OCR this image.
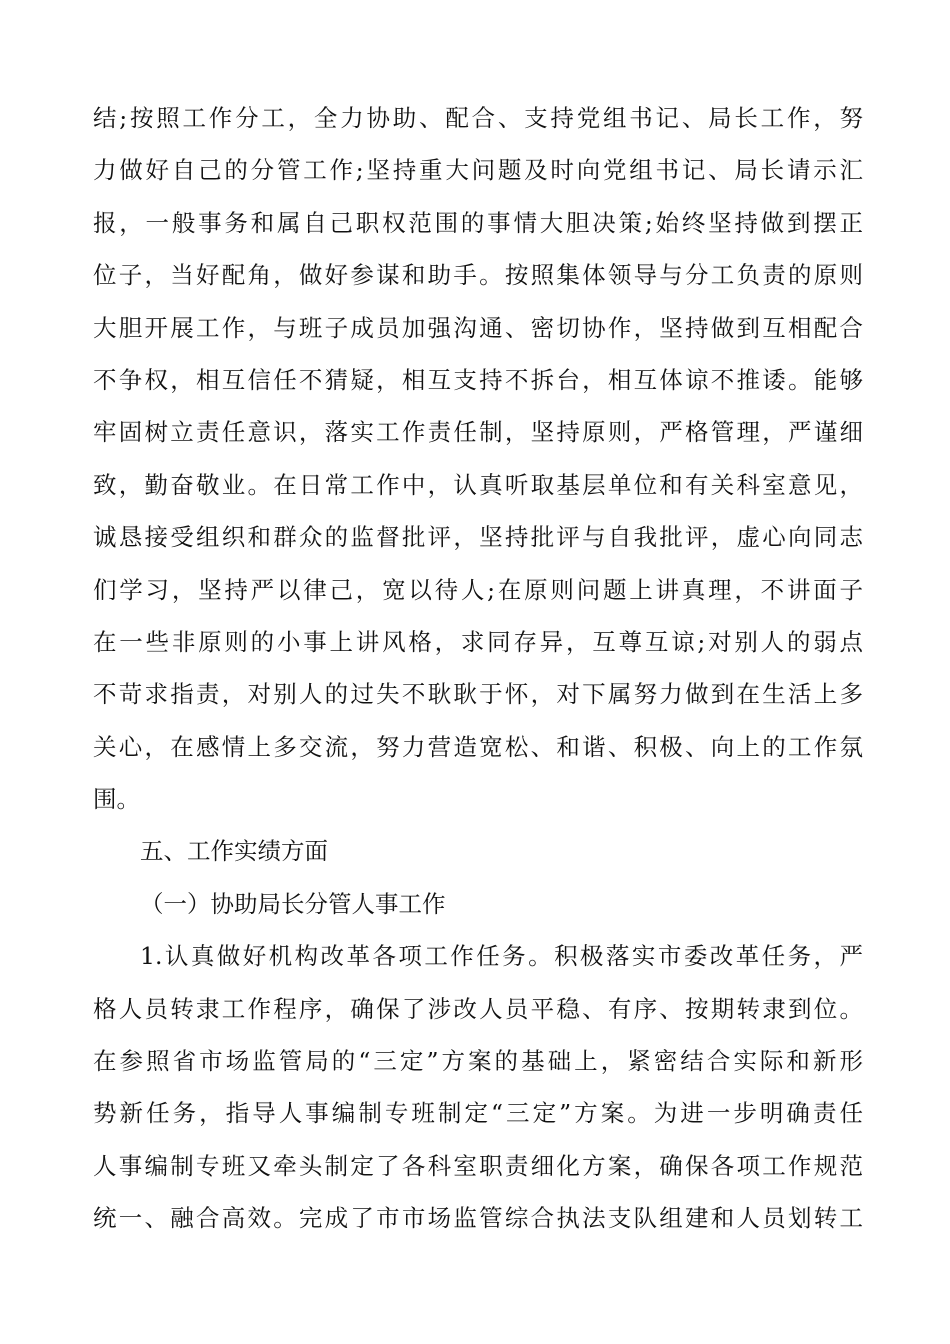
结;按照工作分工，全力协助、配合、支持党组书记、局长工作，努
力做好自己的分管工作;坚持重大问题及时向党组书记、局长请示汇
报，一般事务和属自己职权范围的事情大胆决策;始终坚持做到摆正
位子，当好配角，做好参谋和助手。按照集体领导与分工负责的原则
大胆开展工作，与班子成员加强沟通、密切协作，坚持做到互相配合
不争权，相互信任不猜疑，相互支持不拆台，相互体谅不推诿。能够
牢固树立责任意识，落实工作责任制，坚持原则，严格管理，严谨细
致，勤奋敬业。在日常工作中，认真听取基层单位和有关科室意见，
诚恳接受组织和群众的监督批评，坚持批评与自我批评，虚心向同志
们学习，坚持严以律己，宽以待人;在原则问题上讲真理，不讲面子
在一些非原则的小事上讲风格，求同存异，互尊互谅;对别人的弱点
不苛求指责，对别人的过失不耿耿于怀，对下属努力做到在生活上多
关心，在感情上多交流，努力营造宽松、和谐、积极、向上的工作氛
围。
五、工作实绩方面
（一）协助局长分管人事工作
1.认真做好机构改革各项工作任务。积极落实市委改革任务，严
格人员转隶工作程序，确保了涉改人员平稳、有序、按期转隶到位。
在参照省市场监管局的“三定”方案的基础上，紧密结合实际和新形
势新任务，指导人事编制专班制定“三定”方案。为进一步明确责任
人事编制专班又牵头制定了各科室职责细化方案，确保各项工作规范
统一、融合高效。完成了市市场监管综合执法支队组建和人员划转工
